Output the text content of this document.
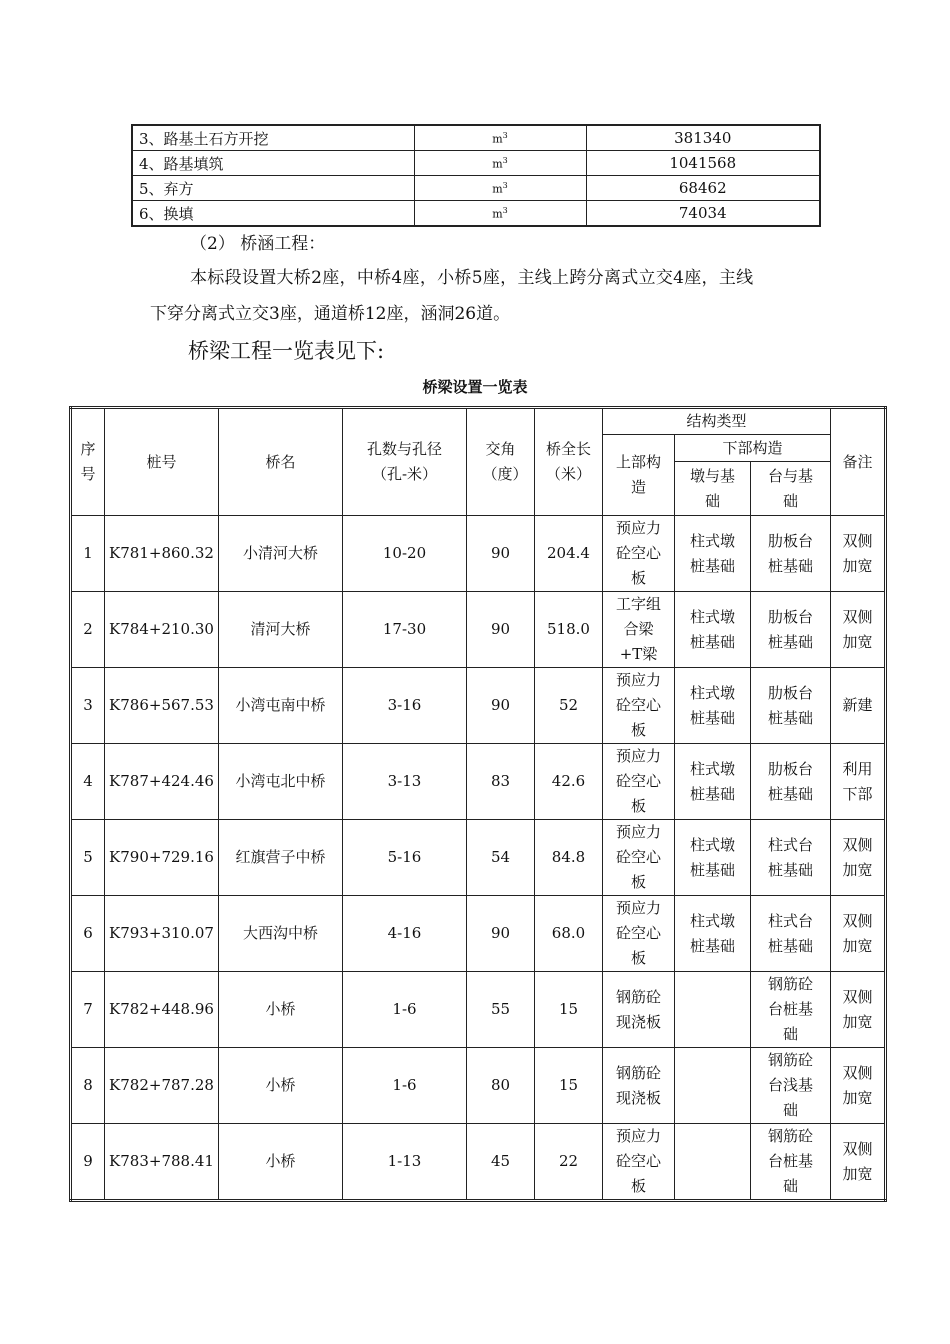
3、路基土石方开挖	$m^3$	381340
4、路基填筑	$m^3$	1041568
5、弃方	$m^3$	68462
6、换填	$m^3$	74034
（2） 桥涵工程：
本标段设置大桥2座，中桥4座，小桥5座，主线上跨分离式立交4座，主线
下穿分离式立交3座，通道桥12座，涵洞26道。
桥梁工程一览表见下:
桥梁设置一览表
序号	桩号	桥名	孔数与孔径（孔-米）	交角（度）	桥全长（米）	结构类型			备注

						上部构造	下部构造		

							墩与基础	台与基础	

1	K781+860.32	小清河大桥	10-20	90	204.4	预应力砼空心板	柱式墩桩基础	肋板台桩基础	双侧加宽

2	K784+210.30	清河大桥	17-30	90	518.0	工字组合梁+T梁	柱式墩桩基础	肋板台桩基础	双侧加宽

3	K786+567.53	小湾屯南中桥	3-16	90	52	预应力砼空心板	柱式墩桩基础	肋板台桩基础	新建

4	K787+424.46	小湾屯北中桥	3-13	83	42.6	预应力砼空心板	柱式墩桩基础	肋板台桩基础	利用下部

5	K790+729.16	红旗营子中桥	5-16	54	84.8	预应力砼空心板	柱式墩桩基础	柱式台桩基础	双侧加宽

6	K793+310.07	大西沟中桥	4-16	90	68.0	预应力砼空心板	柱式墩桩基础	柱式台桩基础	双侧加宽

7	K782+448.96	小桥	1-6	55	15	钢筋砼现浇板		钢筋砼台桩基础	双侧加宽

8	K782+787.28	小桥	1-6	80	15	钢筋砼现浇板		钢筋砼台浅基础	双侧加宽

9	K783+788.41	小桥	1-13	45	22	预应力砼空心板		钢筋砼台桩基础	双侧加宽
